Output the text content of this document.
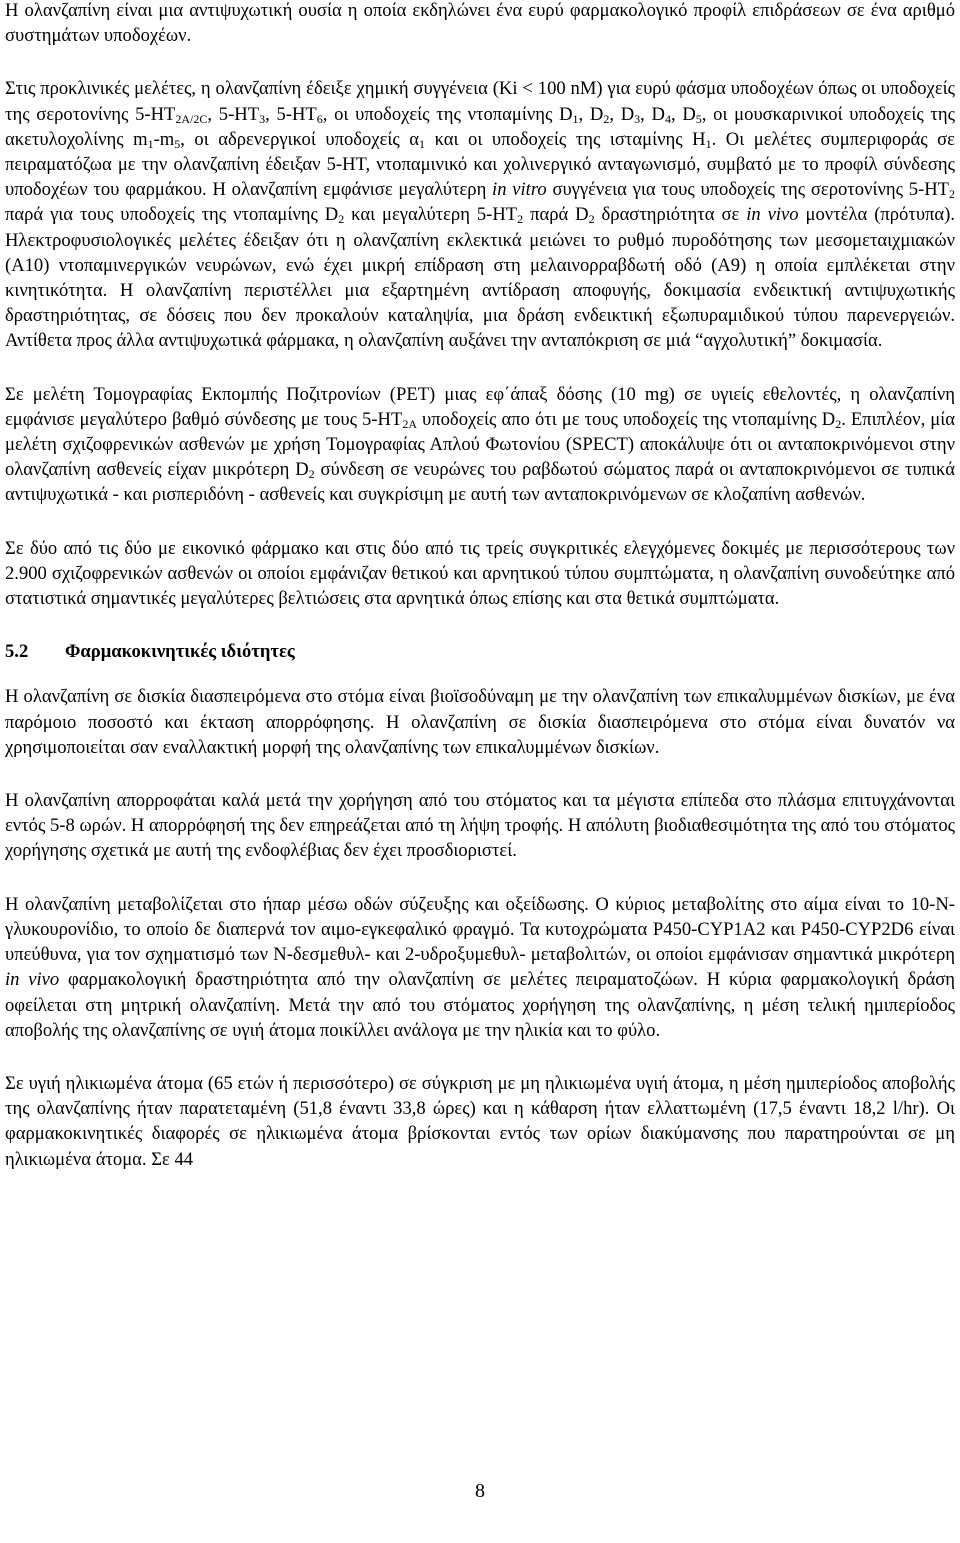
Η ολανζαπίνη είναι μια αντιψυχωτική ουσία η οποία εκδηλώνει ένα ευρύ φαρμακολογικό προφίλ επιδράσεων σε ένα αριθμό συστημάτων υποδοχέων.

Στις προκλινικές μελέτες, η ολανζαπίνη έδειξε χημική συγγένεια (Ki < 100 nM) για ευρύ φάσμα υποδοχέων όπως οι υποδοχείς της σεροτονίνης $5-HT_{2A/2C}$, $5-HT_3$, $5-HT_6$, οι υποδοχείς της ντοπαμίνης $D_1$, $D_2$, $D_3$, $D_4$, $D_5$, οι μουσκαρινικοί υποδοχείς της ακετυλοχολίνης $m_1-m_5$, οι αδρενεργικοί υποδοχείς $\alpha_1$ και οι υποδοχείς της ισταμίνης $H_1$. Οι μελέτες συμπεριφοράς σε πειραματόζωα με την ολανζαπίνη έδειξαν 5-HT, ντοπαμινικό και χολινεργικό ανταγωνισμό, συμβατό με το προφίλ σύνδεσης υποδοχέων του φαρμάκου. Η ολανζαπίνη εμφάνισε μεγαλύτερη in vitro συγγένεια για τους υποδοχείς της σεροτονίνης $5-HT_2$ παρά για τους υποδοχείς της ντοπαμίνης $D_2$ και μεγαλύτερη $5-HT_2$ παρά $D_2$ δραστηριότητα σε in vivo μοντέλα (πρότυπα). Ηλεκτροφυσιολογικές μελέτες έδειξαν ότι η ολανζαπίνη εκλεκτικά μειώνει το ρυθμό πυροδότησης των μεσομεταιχμιακών (A10) ντοπαμινεργικών νευρώνων, ενώ έχει μικρή επίδραση στη μελαινορραβδωτή οδό (A9) η οποία εμπλέκεται στην κινητικότητα. Η ολανζαπίνη περιστέλλει μια εξαρτημένη αντίδραση αποφυγής, δοκιμασία ενδεικτική αντιψυχωτικής δραστηριότητας, σε δόσεις που δεν προκαλούν καταληψία, μια δράση ενδεικτική εξωπυραμιδικού τύπου παρενεργειών. Αντίθετα προς άλλα αντιψυχωτικά φάρμακα, η ολανζαπίνη αυξάνει την ανταπόκριση σε μιά “αγχολυτική” δοκιμασία.

Σε μελέτη Τομογραφίας Εκπομπής Ποζιτρονίων (PET) μιας εφ΄άπαξ δόσης (10 mg) σε υγιείς εθελοντές, η ολανζαπίνη εμφάνισε μεγαλύτερο βαθμό σύνδεσης με τους $5-HT_{2A}$ υποδοχείς απο ότι με τους υποδοχείς της ντοπαμίνης $D_2$. Επιπλέον, μία μελέτη σχιζοφρενικών ασθενών με χρήση Τομογραφίας Απλού Φωτονίου (SPECT) αποκάλυψε ότι οι ανταποκρινόμενοι στην ολανζαπίνη ασθενείς είχαν μικρότερη $D_2$ σύνδεσ​η σε νευρώνες του ραβδωτού σώματος παρά οι ανταποκρινόμενοι σε τυπικά αντιψυχωτικά - και ρισπεριδόνη - ασθενείς και συγκρίσιμη με αυτή των ανταποκρινόμενων σε κλοζαπίνη ασθενών.

Σε δύο από τις δύο με εικονικό φάρμακο και στις δύο από τις τρείς συγκριτικές ελεγχόμενες δοκιμές με περισσότερους των 2.900 σχιζοφρενικών ασθενών οι οποίοι εμφάνιζαν θετικού και αρνητικού τύπου συμπτώματα, η ολανζαπίνη συνοδεύτηκε από στατιστικά σημαντικές μεγαλύτερες βελτιώσεις στα αρνητικά όπως επίσης και στα θετικά συμπτώματα.

5.2 Φαρμακοκινητικές ιδιότητες

Η ολανζαπίνη σε δισκία διασπειρόμενα στο στόμα είναι βιοϊσοδύναμη με την ολανζαπίνη των επικαλυμμένων δισκίων, με ένα παρόμοιο ποσοστό και έκταση απορρόφησης. Η ολανζαπίνη σε δισκία διασπειρόμενα στο στόμα είναι δυνατόν να χρησιμοποιείται σαν εναλλακτική μορφή της ολανζαπίνης των επικαλυμμένων δισκίων.

Η ολανζαπίνη απορροφάται καλά μετά την χορήγηση από του στόματος και τα μέγιστα επίπεδα στο πλάσμα επιτυγχάνονται εντός 5-8 ωρών. Η απορρόφησή της δεν επηρεάζεται από τη λήψη τροφής. Η απόλυτη βιοδιαθεσιμότητα της από του στόματος χορήγησης σχετικά με αυτή της ενδοφλέβιας δεν έχει προσδιοριστεί.

Η ολανζαπίνη μεταβολίζεται στο ήπαρ μέσω οδών σύζευξης και οξείδωσης. Ο κύριος μεταβολίτης στο αίμα είναι το 10-N-γλυκουρονίδιο, το οποίο δε διαπερνά τον αιμο-εγκεφαλικό φραγμό. Τα κυτοχρώματα P450-CYP1A2 και P450-CYP2D6 είναι υπεύθυνα, για τον σχηματισμό των N-δεσμεθυλ- και 2-υδροξυμεθυλ- μεταβολιτών, οι οποίοι εμφάνισαν σημαντικά μικρότερη in vivo φαρμακολογική δραστηριότητα από την ολανζαπίνη σε μελέτες πειραματοζώων. Η κύρια φαρμακολογική δράση οφείλεται στη μητρική ολανζαπίνη. Μετά την από του στόματος χορήγηση της ολανζαπίνης, η μέση τελική ημιπερίοδος αποβολής της ολανζαπίνης σε υγιή άτομα ποικίλλει ανάλογα με την ηλικία και το φύλο.

Σε υγιή ηλικιωμένα άτομα (65 ετών ή περισσότερο) σε σύγκριση με μη ηλικιωμένα υγιή άτομα, η μέση ημιπερίοδος αποβολής της ολανζαπίνης ήταν παρατεταμένη (51,8 έναντι 33,8 ώρες) και η κάθαρση ήταν ελλαττωμένη (17,5 έναντι 18,2 l/hr). Οι φαρμακοκινητικές διαφορές σε ηλικιωμένα άτομα βρίσκονται εντός των ορίων διακύμανσης που παρατηρούνται σε μη ηλικιωμένα άτομα. Σε 44

8
